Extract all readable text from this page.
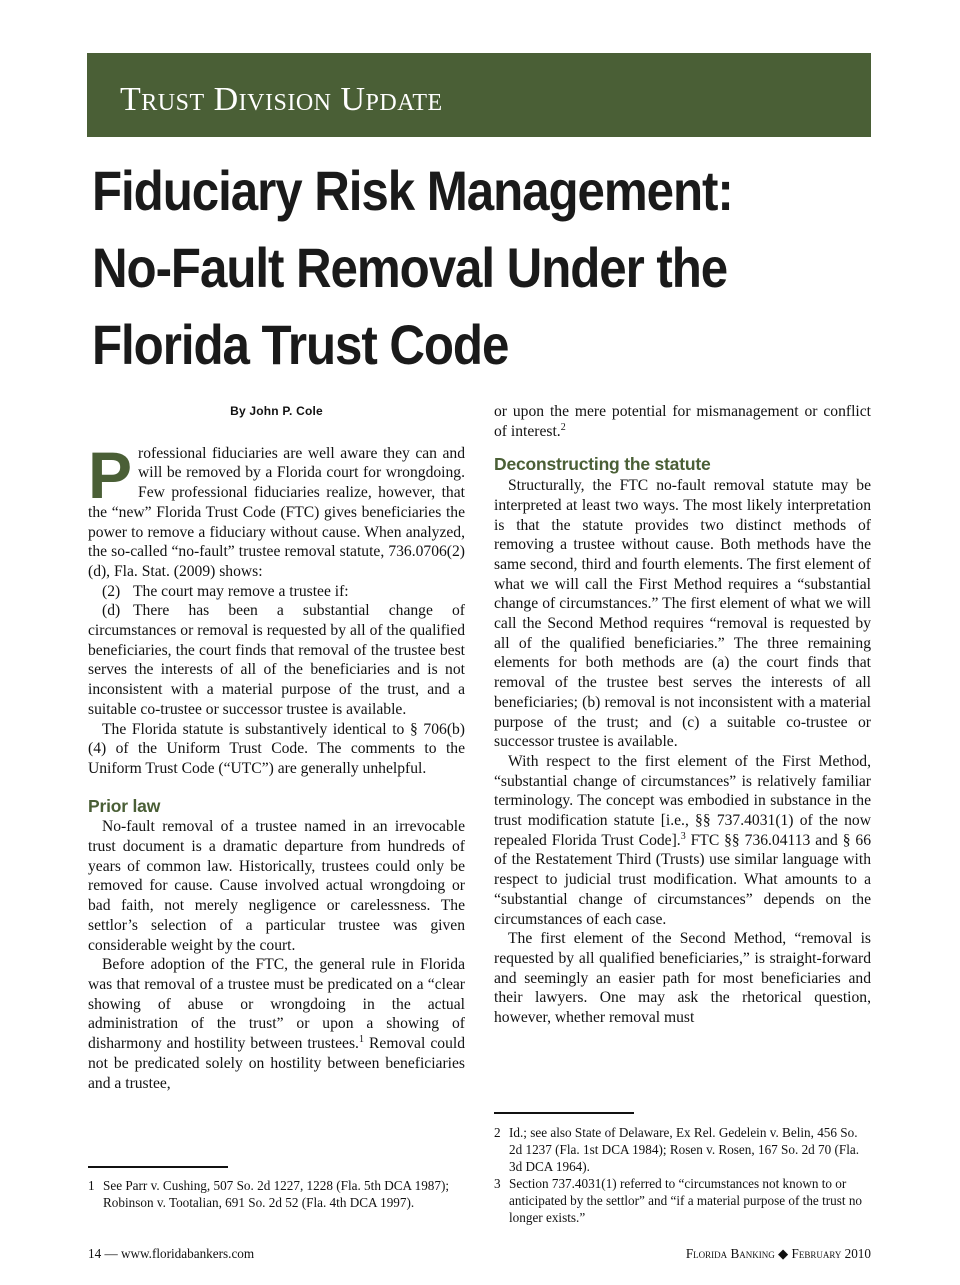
Trust Division Update
Fiduciary Risk Management:
No-Fault Removal Under the
Florida Trust Code
By John P. Cole

Professional fiduciaries are well aware they can and will be removed by a Florida court for wrongdoing. Few professional fiduciaries realize, however, that the “new” Florida Trust Code (FTC) gives beneficiaries the power to remove a fiduciary without cause. When analyzed, the so-called “no-fault” trustee removal statute, 736.0706(2)(d), Fla. Stat. (2009) shows:

(2) The court may remove a trustee if:
(d) There has been a substantial change of

circumstances or removal is requested by all of the qualified beneficiaries, the court finds that removal of the trustee best serves the interests of all of the beneficiaries and is not inconsistent with a material purpose of the trust, and a suitable co-trustee or successor trustee is available.

The Florida statute is substantively identical to § 706(b)(4) of the Uniform Trust Code. The comments to the Uniform Trust Code (“UTC”) are generally unhelpful.

Prior law

No-fault removal of a trustee named in an irrevocable trust document is a dramatic departure from hundreds of years of common law. Historically, trustees could only be removed for cause. Cause involved actual wrongdoing or bad faith, not merely negligence or carelessness. The settlor’s selection of a particular trustee was given considerable weight by the court.

Before adoption of the FTC, the general rule in Florida was that removal of a trustee must be predicated on a “clear showing of abuse or wrongdoing in the actual administration of the trust” or upon a showing of disharmony and hostility between trustees.$^1$ Removal could not be predicated solely on hostility between beneficiaries and a trustee,

or upon the mere potential for mismanagement or conflict of interest.$^2$

Deconstructing the statute

Structurally, the FTC no-fault removal statute may be interpreted at least two ways. The most likely interpretation is that the statute provides two distinct methods of removing a trustee without cause. Both methods have the same second, third and fourth elements. The first element of what we will call the First Method requires a “substantial change of circumstances.” The first element of what we will call the Second Method requires “removal is requested by all of the qualified beneficiaries.” The three remaining elements for both methods are (a) the court finds that removal of the trustee best serves the interests of all beneficiaries; (b) removal is not inconsistent with a material purpose of the trust; and (c) a suitable co-trustee or successor trustee is available.

With respect to the first element of the First Method, “substantial change of circumstances” is relatively familiar terminology. The concept was embodied in substance in the trust modification statute [i.e., §§ 737.4031(1) of the now repealed Florida Trust Code].$^3$ FTC §§ 736.04113 and § 66 of the Restatement Third (Trusts) use similar language with respect to judicial trust modification. What amounts to a “substantial change of circumstances” depends on the circumstances of each case.

The first element of the Second Method, “removal is requested by all qualified beneficiaries,” is straight-forward and seemingly an easier path for most beneficiaries and their lawyers. One may ask the rhetorical question, however, whether removal must

1 See Parr v. Cushing, 507 So. 2d 1227, 1228 (Fla. 5th DCA 1987); Robinson v. Tootalian, 691 So. 2d 52 (Fla. 4th DCA 1997).
2 Id.; see also State of Delaware, Ex Rel. Gedelein v. Belin, 456 So. 2d 1237 (Fla. 1st DCA 1984); Rosen v. Rosen, 167 So. 2d 70 (Fla. 3d DCA 1964).
3 Section 737.4031(1) referred to “circumstances not known to or anticipated by the settlor” and “if a material purpose of the trust no longer exists.”
14 — www.floridabankers.com	Florida Banking ◆ February 2010
